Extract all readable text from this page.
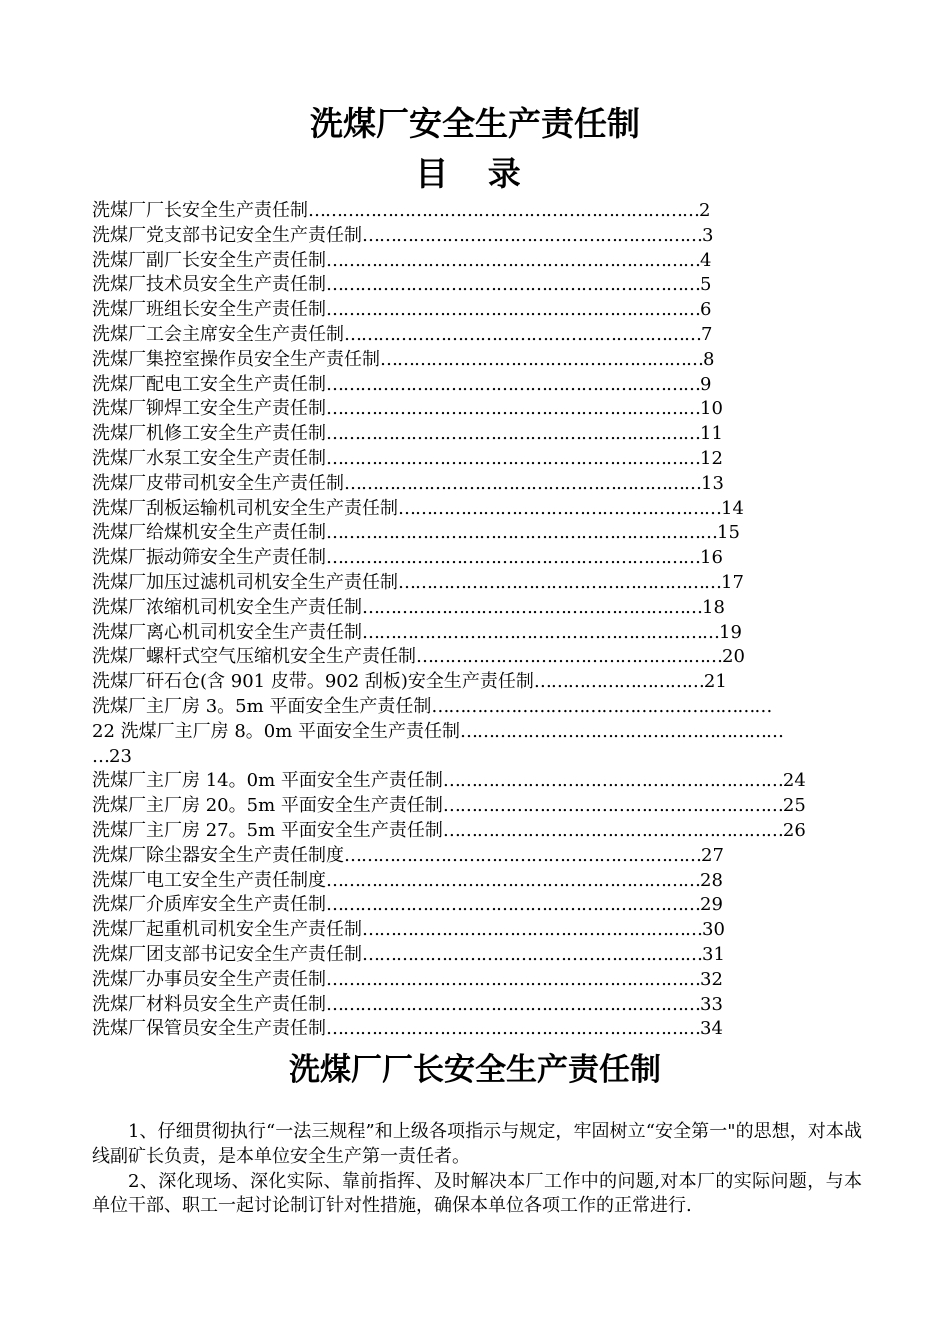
洗煤厂安全生产责任制
目 录
洗煤厂厂长安全生产责任制……………………………………………………………2
洗煤厂党支部书记安全生产责任制……………………………………………………3
洗煤厂副厂长安全生产责任制…………………………………………………………4
洗煤厂技术员安全生产责任制…………………………………………………………5
洗煤厂班组长安全生产责任制…………………………………………………………6
洗煤厂工会主席安全生产责任制………………………………………………………7
洗煤厂集控室操作员安全生产责任制…………………………………………………8
洗煤厂配电工安全生产责任制…………………………………………………………9
洗煤厂铆焊工安全生产责任制…………………………………………………………10
洗煤厂机修工安全生产责任制…………………………………………………………11
洗煤厂水泵工安全生产责任制…………………………………………………………12
洗煤厂皮带司机安全生产责任制………………………………………………………13
洗煤厂刮板运输机司机安全生产责任制…………………………………………………14
洗煤厂给煤机安全生产责任制……………………………………………………………15
洗煤厂振动筛安全生产责任制…………………………………………………………16
洗煤厂加压过滤机司机安全生产责任制…………………………………………………17
洗煤厂浓缩机司机安全生产责任制……………………………………………………18
洗煤厂离心机司机安全生产责任制………………………………………………………19
洗煤厂螺杆式空气压缩机安全生产责任制………………………………………………20
洗煤厂矸石仓(含 901 皮带。902 刮板)安全生产责任制…………………………21
洗煤厂主厂房 3。5m 平面安全生产责任制……………………………………………………
22 洗煤厂主厂房 8。0m 平面安全生产责任制…………………………………………………
…23
洗煤厂主厂房 14。0m 平面安全生产责任制……………………………………………………24
洗煤厂主厂房 20。5m 平面安全生产责任制……………………………………………………25
洗煤厂主厂房 27。5m 平面安全生产责任制……………………………………………………26
洗煤厂除尘器安全生产责任制度………………………………………………………27
洗煤厂电工安全生产责任制度…………………………………………………………28
洗煤厂介质库安全生产责任制…………………………………………………………29
洗煤厂起重机司机安全生产责任制……………………………………………………30
洗煤厂团支部书记安全生产责任制……………………………………………………31
洗煤厂办事员安全生产责任制…………………………………………………………32
洗煤厂材料员安全生产责任制…………………………………………………………33
洗煤厂保管员安全生产责任制…………………………………………………………34
洗煤厂厂长安全生产责任制

1、仔细贯彻执行“一法三规程”和上级各项指示与规定，牢固树立“安全第一"的思想，对本战线副矿长负责，是本单位安全生产第一责任者。

2、深化现场、深化实际、靠前指挥、及时解决本厂工作中的问题,对本厂的实际问题，与本单位干部、职工一起讨论制订针对性措施，确保本单位各项工作的正常进行.
